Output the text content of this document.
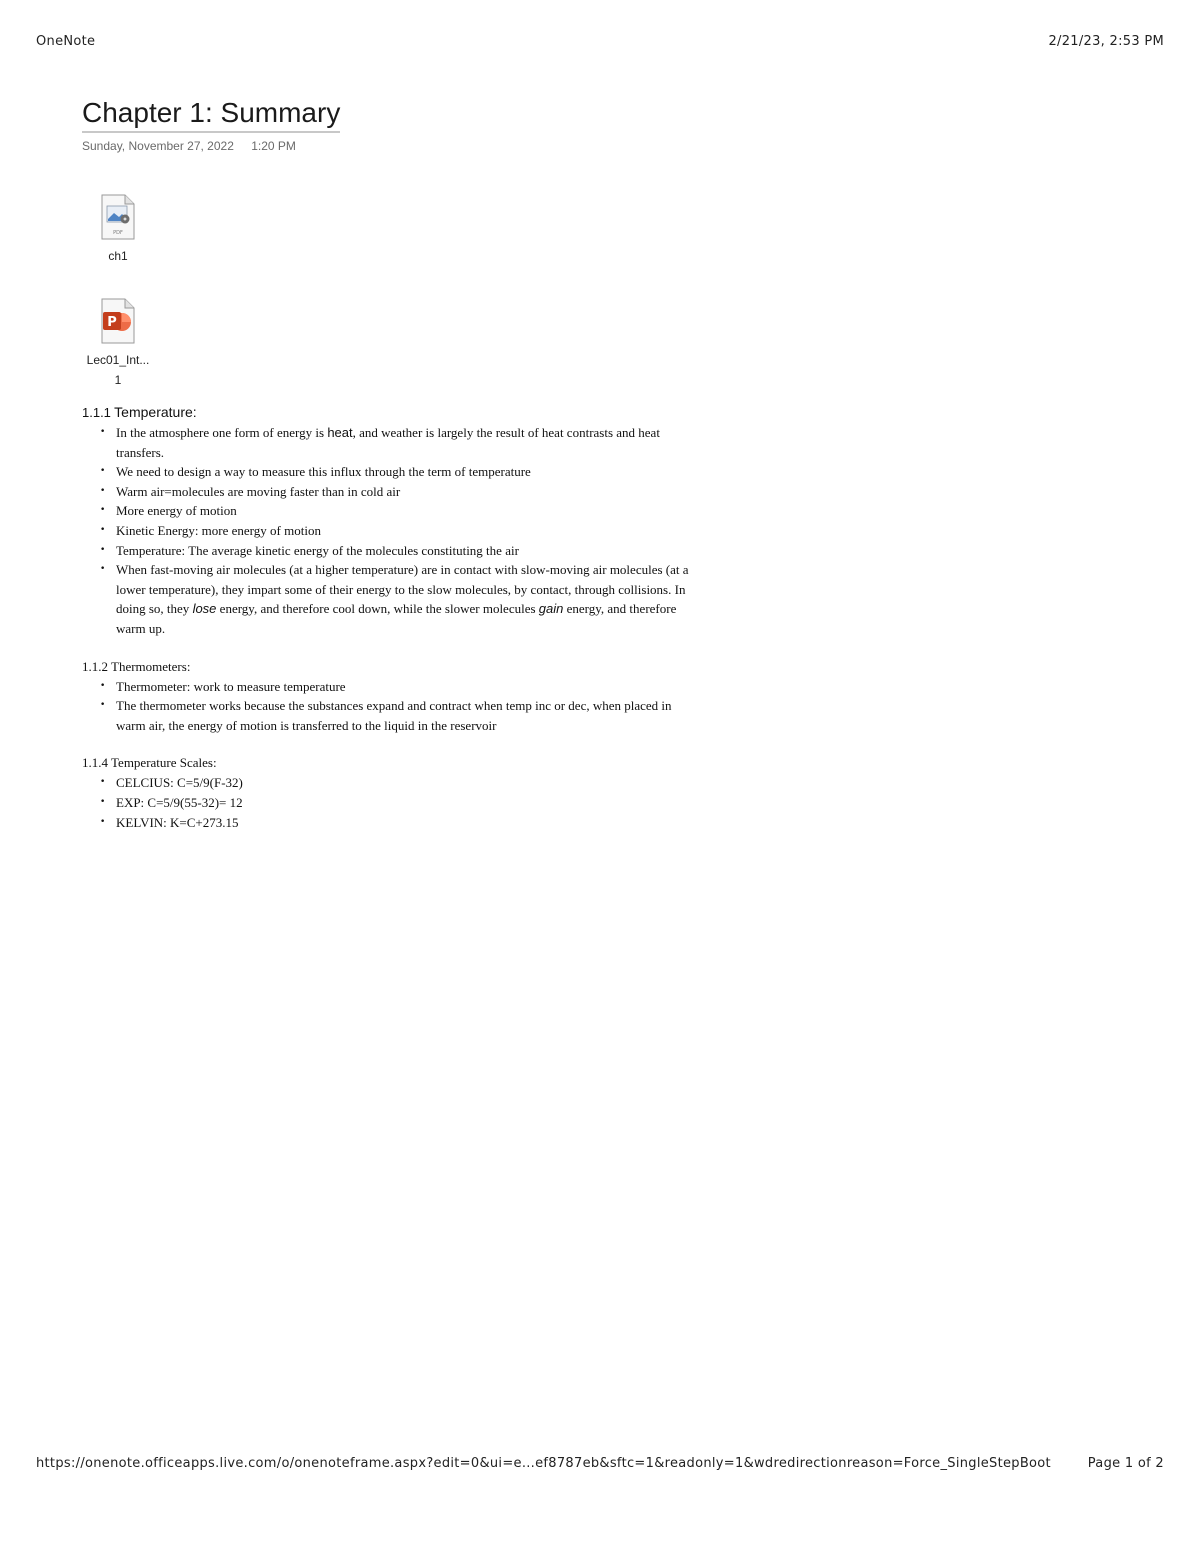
OneNote	2/21/23, 2:53 PM
Chapter 1: Summary
Sunday, November 27, 2022 1:20 PM
PDF
ch1
P
Lec01_Int...
1
1.1.1 Temperature:
• In the atmosphere one form of energy is heat, and weather is largely the result of heat contrasts and heat transfers.
• We need to design a way to measure this influx through the term of temperature
• Warm air=molecules are moving faster than in cold air
• More energy of motion
• Kinetic Energy: more energy of motion
• Temperature: The average kinetic energy of the molecules constituting the air
• When fast-moving air molecules (at a higher temperature) are in contact with slow-moving air molecules (at a lower temperature), they impart some of their energy to the slow molecules, by contact, through collisions. In doing so, they lose energy, and therefore cool down, while the slower molecules gain energy, and therefore warm up.
1.1.2 Thermometers:
• Thermometer: work to measure temperature
• The thermometer works because the substances expand and contract when temp inc or dec, when placed in warm air, the energy of motion is transferred to the liquid in the reservoir
1.1.4 Temperature Scales:
• CELCIUS: C=5/9(F-32)
• EXP: C=5/9(55-32)= 12
• KELVIN: K=C+273.15
https://onenote.officeapps.live.com/o/onenoteframe.aspx?edit=0&ui=e...ef8787eb&sftc=1&readonly=1&wdredirectionreason=Force_SingleStepBoot	Page 1 of 2
